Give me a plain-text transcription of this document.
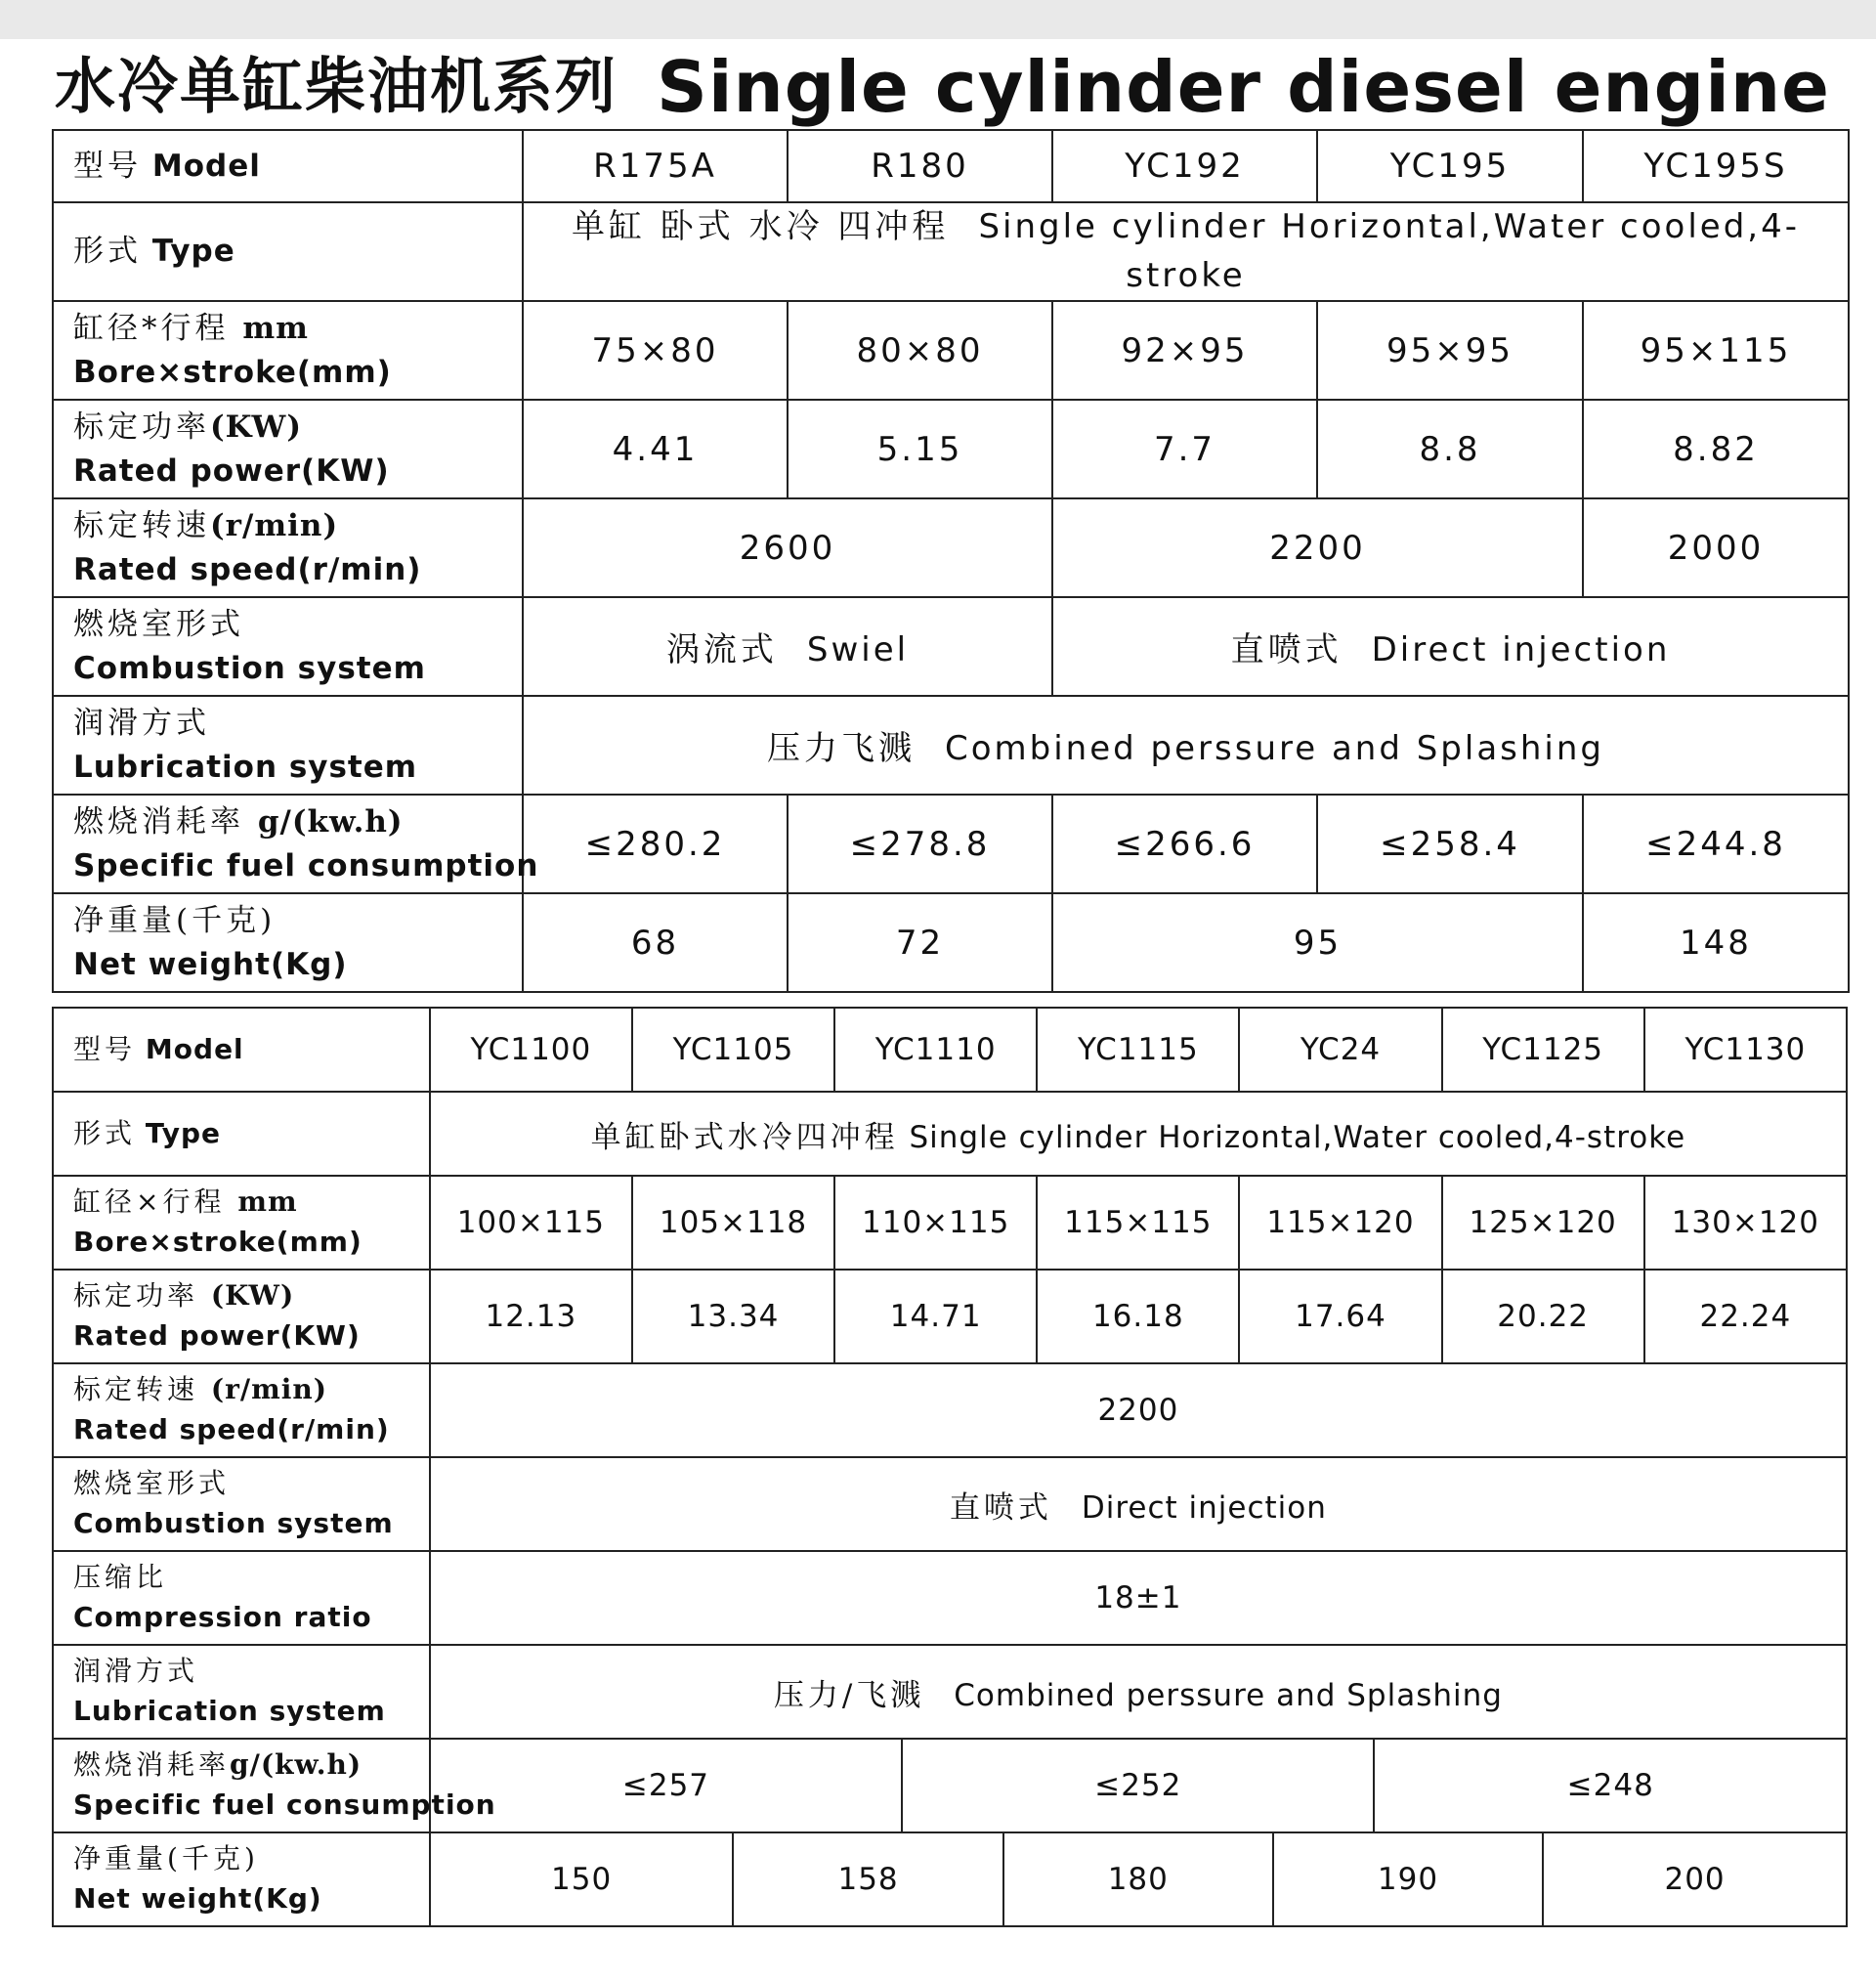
水冷单缸柴油机系列 Single cylinder diesel engine
型号 Model	R175A	R180	YC192	YC195	YC195S
形式 Type	单缸 卧式 水冷 四冲程 Single cylinder Horizontal,Water cooled,4-stroke				

缸径*行程 mm
Bore×stroke(mm)	75×80	80×80	92×95	95×95	95×115

标定功率(KW)
Rated power(KW)	4.41	5.15	7.7	8.8	8.82

标定转速(r/min)
Rated speed(r/min)	2600		2200		2000

燃烧室形式
Combustion system	涡流式 Swiel		直喷式 Direct injection		

润滑方式
Lubrication system	压力飞溅 Combined perssure and Splashing				

燃烧消耗率 g/(kw.h)
Specific fuel consumption	≤280.2	≤278.8	≤266.6	≤258.4	≤244.8

净重量(千克)
Net weight(Kg)	68	72	95		148
型号 Model	YC1100	YC1105		YC1110			YC1115	YC24			YC1125		YC1130
形式 Type	单缸卧式水冷四冲程 Single cylinder Horizontal,Water cooled,4-stroke												

缸径×行程 mm
Bore×stroke(mm)	100×115	105×118		110×115			115×115	115×120			125×120		130×120

标定功率 (KW)
Rated power(KW)	12.13	13.34		14.71			16.18	17.64			20.22		22.24

标定转速 (r/min)
Rated speed(r/min)	2200												

燃烧室形式
Combustion system	直喷式 Direct injection												

压缩比
Compression ratio	18±1												

润滑方式
Lubrication system	压力/飞溅 Combined perssure and Splashing												

燃烧消耗率g/(kw.h)
Specific fuel consumption	≤257				≤252					≤248			

净重量(千克)
Net weight(Kg)	150		158			180			190			200	
